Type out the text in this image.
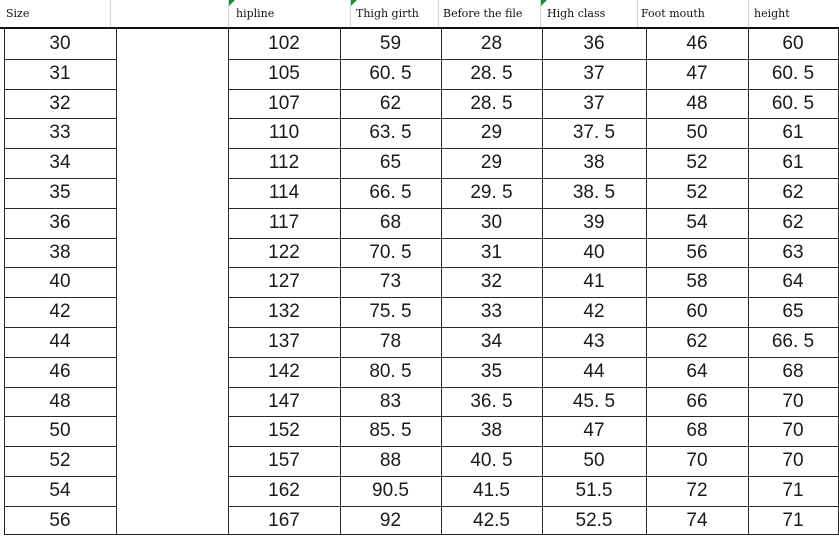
Size	hipline	Thigh girth	Before the file	High class	Foot mouth	height
30	102	59	28	36	46	60
31	105	60. 5	28. 5	37	47	60. 5
32	107	62	28. 5	37	48	60. 5
33	110	63. 5	29	37. 5	50	61
34	112	65	29	38	52	61
35	114	66. 5	29. 5	38. 5	52	62
36	117	68	30	39	54	62
38	122	70. 5	31	40	56	63
40	127	73	32	41	58	64
42	132	75. 5	33	42	60	65
44	137	78	34	43	62	66. 5
46	142	80. 5	35	44	64	68
48	147	83	36. 5	45. 5	66	70
50	152	85. 5	38	47	68	70
52	157	88	40. 5	50	70	70
54	162	90.5	41.5	51.5	72	71
56	167	92	42.5	52.5	74	71
